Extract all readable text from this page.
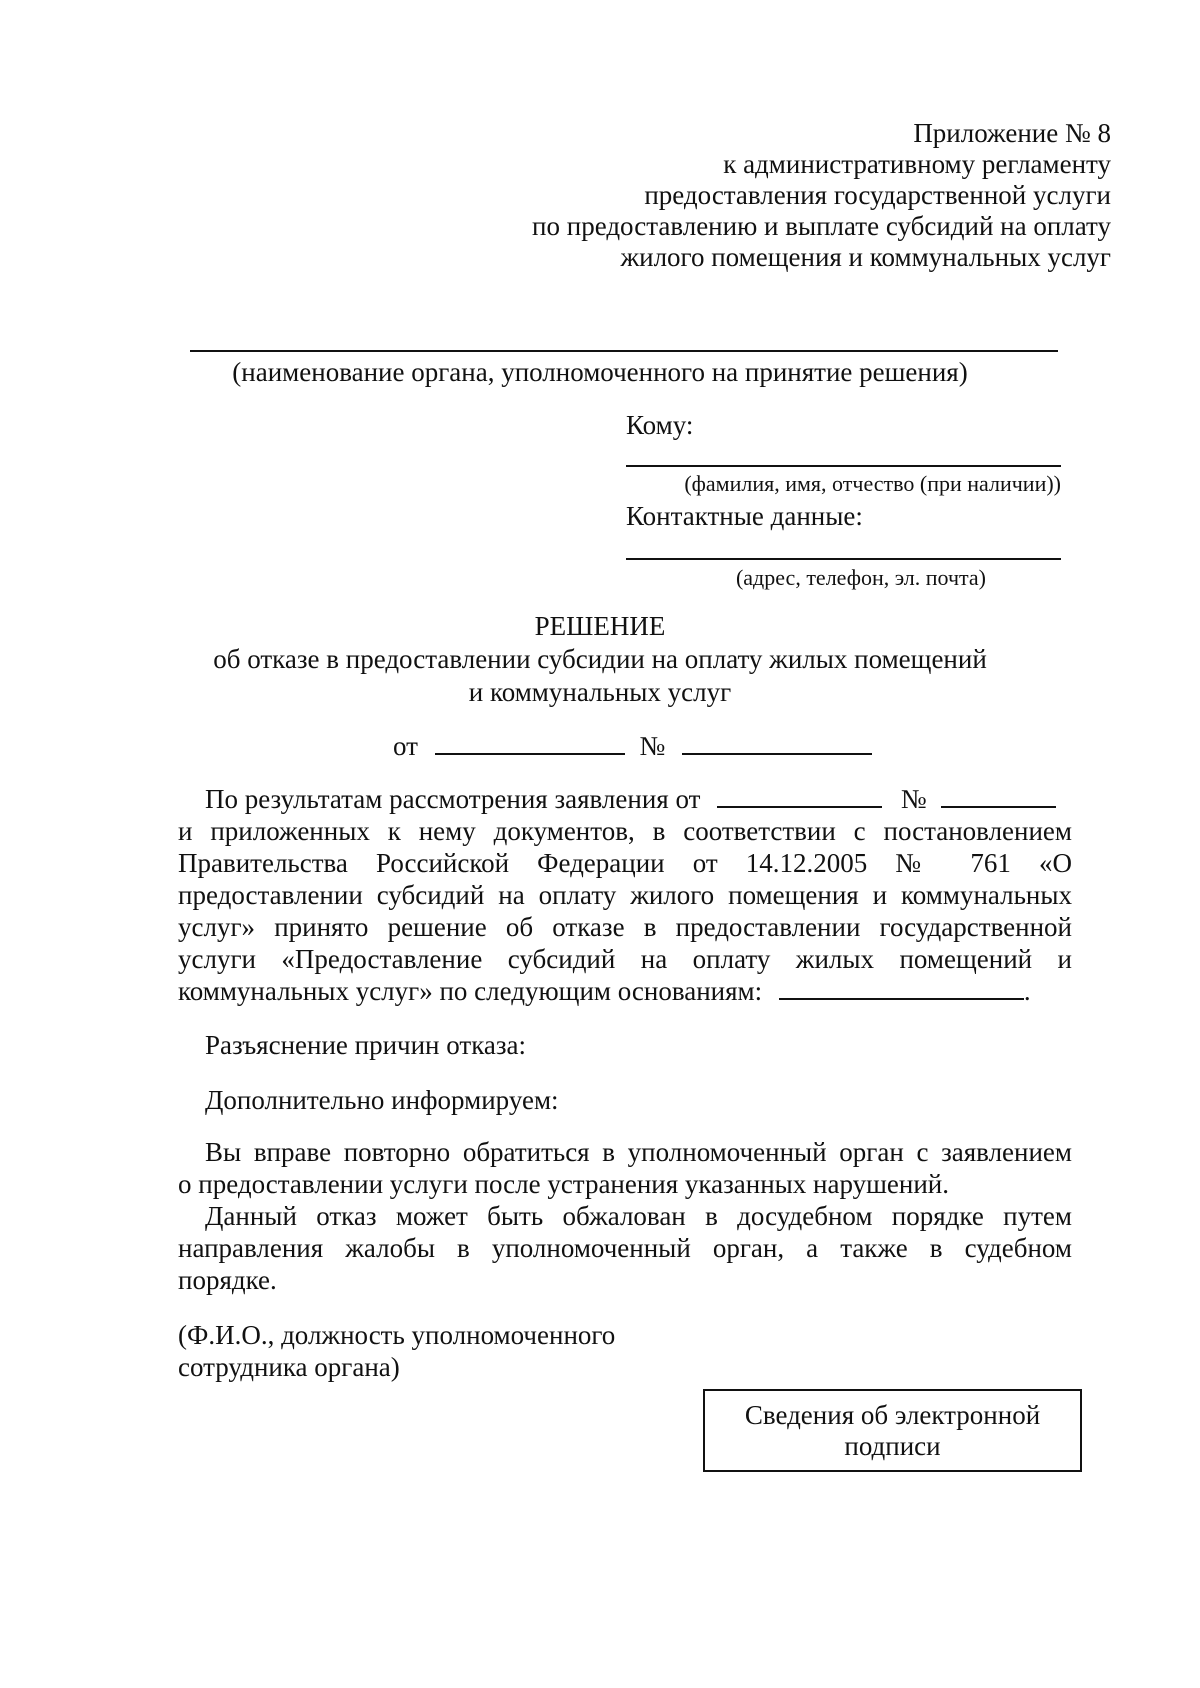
Приложение № 8
к административному регламенту
предоставления государственной услуги
по предоставлению и выплате субсидий на оплату
жилого помещения и коммунальных услуг
(наименование органа, уполномоченного на принятие решения)
Кому:
(фамилия, имя, отчество (при наличии))
Контактные данные:
(адрес, телефон, эл. почта)
РЕШЕНИЕ
об отказе в предоставлении субсидии на оплату жилых помещений
и коммунальных услуг
от	№
По результатам рассмотрения заявления от	№
и приложенных к нему документов, в соответствии с постановлением
Правительства Российской Федерации от 14.12.2005 № 761 «О
предоставлении субсидий на оплату жилого помещения и коммунальных
услуг» принято решение об отказе в предоставлении государственной
услуги «Предоставление субсидий на оплату жилых помещений и
коммунальных услуг» по следующим основаниям:	.
Разъяснение причин отказа:
Дополнительно информируем:
Вы вправе повторно обратиться в уполномоченный орган с заявлением
о предоставлении услуги после устранения указанных нарушений.
Данный отказ может быть обжалован в досудебном порядке путем
направления жалобы в уполномоченный орган, а также в судебном
порядке.
(Ф.И.О., должность уполномоченного
сотрудника органа)
Сведения об электронной
подписи
